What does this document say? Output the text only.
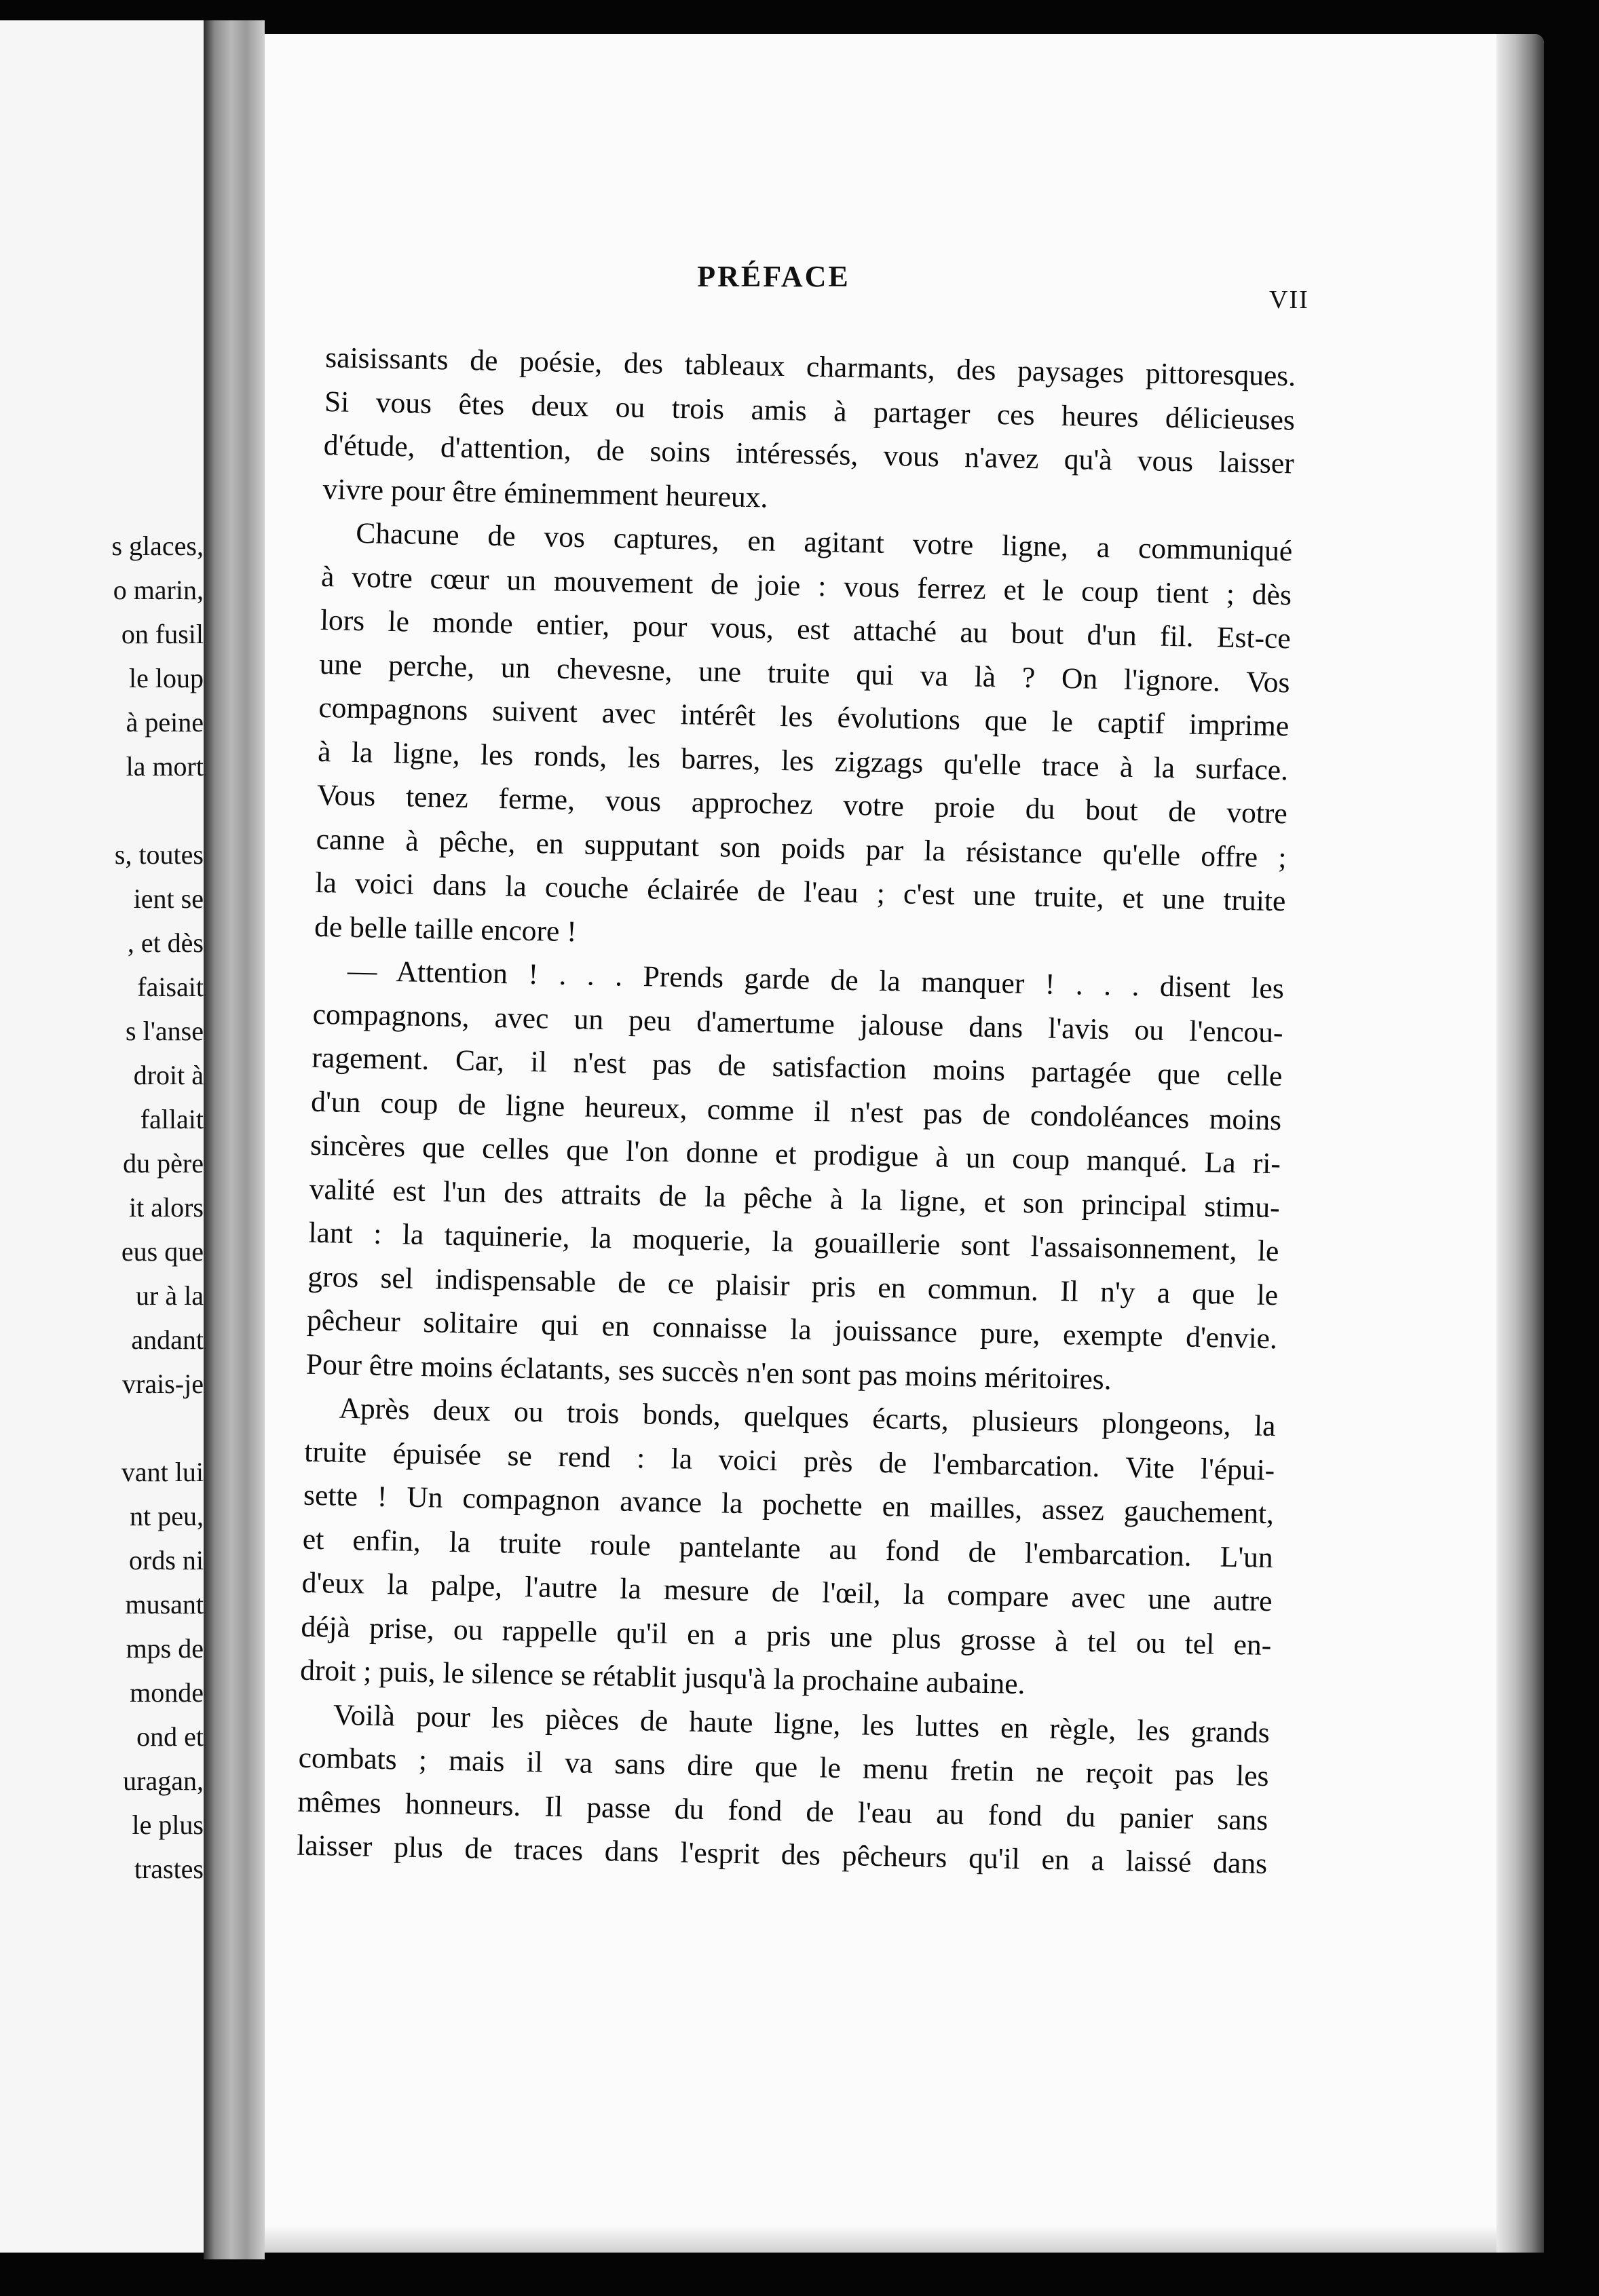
s glaces,
o marin,
on fusil
le loup
à peine
la mort
s, toutes
ient se
, et dès
faisait
s l'anse
droit à
fallait
du père
it alors
eus que
ur à la
andant
vrais-je
vant lui
nt peu,
ords ni
musant
mps de
monde
ond et
uragan,
le plus
trastes
PRÉFACE
VII
saisissants de poésie, des tableaux charmants, des paysages pittoresques.
Si vous êtes deux ou trois amis à partager ces heures délicieuses
d'étude, d'attention, de soins intéressés, vous n'avez qu'à vous laisser
vivre pour être éminemment heureux.
Chacune de vos captures, en agitant votre ligne, a communiqué
à votre cœur un mouvement de joie : vous ferrez et le coup tient ; dès
lors le monde entier, pour vous, est attaché au bout d'un fil. Est-ce
une perche, un chevesne, une truite qui va là ? On l'ignore. Vos
compagnons suivent avec intérêt les évolutions que le captif imprime
à la ligne, les ronds, les barres, les zigzags qu'elle trace à la surface.
Vous tenez ferme, vous approchez votre proie du bout de votre
canne à pêche, en supputant son poids par la résistance qu'elle offre ;
la voici dans la couche éclairée de l'eau ; c'est une truite, et une truite
de belle taille encore !
— Attention ! . . . Prends garde de la manquer ! . . . disent les
compagnons, avec un peu d'amertume jalouse dans l'avis ou l'encou-
ragement. Car, il n'est pas de satisfaction moins partagée que celle
d'un coup de ligne heureux, comme il n'est pas de condoléances moins
sincères que celles que l'on donne et prodigue à un coup manqué. La ri-
valité est l'un des attraits de la pêche à la ligne, et son principal stimu-
lant : la taquinerie, la moquerie, la gouaillerie sont l'assaisonnement, le
gros sel indispensable de ce plaisir pris en commun. Il n'y a que le
pêcheur solitaire qui en connaisse la jouissance pure, exempte d'envie.
Pour être moins éclatants, ses succès n'en sont pas moins méritoires.
Après deux ou trois bonds, quelques écarts, plusieurs plongeons, la
truite épuisée se rend : la voici près de l'embarcation. Vite l'épui-
sette ! Un compagnon avance la pochette en mailles, assez gauchement,
et enfin, la truite roule pantelante au fond de l'embarcation. L'un
d'eux la palpe, l'autre la mesure de l'œil, la compare avec une autre
déjà prise, ou rappelle qu'il en a pris une plus grosse à tel ou tel en-
droit ; puis, le silence se rétablit jusqu'à la prochaine aubaine.
Voilà pour les pièces de haute ligne, les luttes en règle, les grands
combats ; mais il va sans dire que le menu fretin ne reçoit pas les
mêmes honneurs. Il passe du fond de l'eau au fond du panier sans
laisser plus de traces dans l'esprit des pêcheurs qu'il en a laissé dans
